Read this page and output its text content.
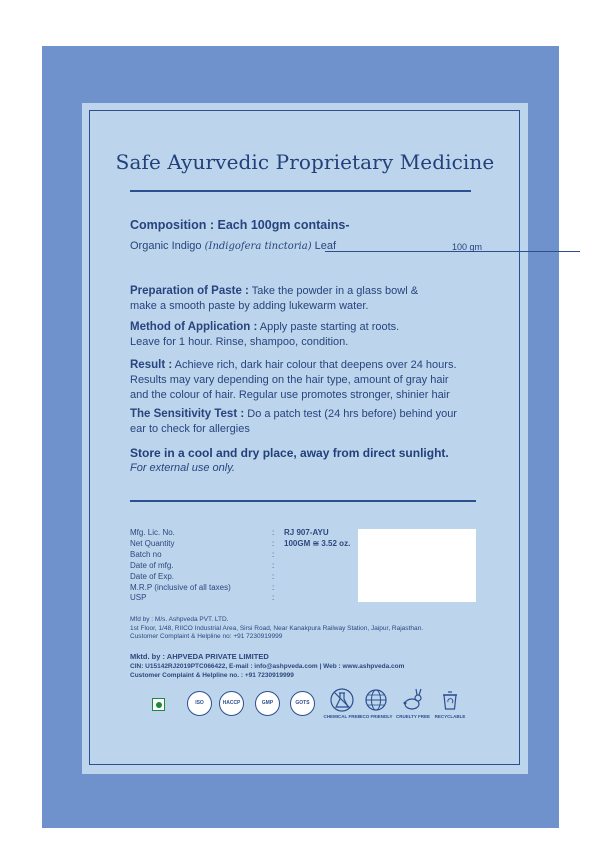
Safe Ayurvedic Proprietary Medicine
Composition : Each 100gm contains-
Organic Indigo (Indigofera tinctoria) Leaf	100 gm
Preparation of Paste : Take the powder in a glass bowl &
make a smooth paste by adding lukewarm water.
Method of Application : Apply paste starting at roots.
Leave for 1 hour. Rinse, shampoo, condition.
Result : Achieve rich, dark hair colour that deepens over 24 hours.
Results may vary depending on the hair type, amount of gray hair
and the colour of hair. Regular use promotes stronger, shinier hair
The Sensitivity Test : Do a patch test (24 hrs before) behind your
ear to check for allergies
Store in a cool and dry place, away from direct sunlight.
For external use only.
Mfg. Lic. No.	: RJ 907-AYU
Net Quantity	: 100GM ≅ 3.52 oz.
Batch no	:
Date of mfg.	:
Date of Exp.	:
M.R.P (inclusive of all taxes)	:
USP	:
Mfd by : M/s. Ashpveda PVT. LTD.
1st Floor, 1/48, RIICO Industrial Area, Sirsi Road, Near Kanakpura Railway Station, Jaipur, Rajasthan.
Customer Complaint & Helpline no: +91 7230919999
Mktd. by : AHPVEDA PRIVATE LIMITED
CIN: U15142RJ2019PTC066422, E-mail : info@ashpveda.com | Web : www.ashpveda.com
Customer Complaint & Helpline no. : +91 7230919999
ISO	HACCP	GMP	GOTS
CHEMICAL FREE ECO FRIENDLY CRUELTY FREE	RECYCLABLE
